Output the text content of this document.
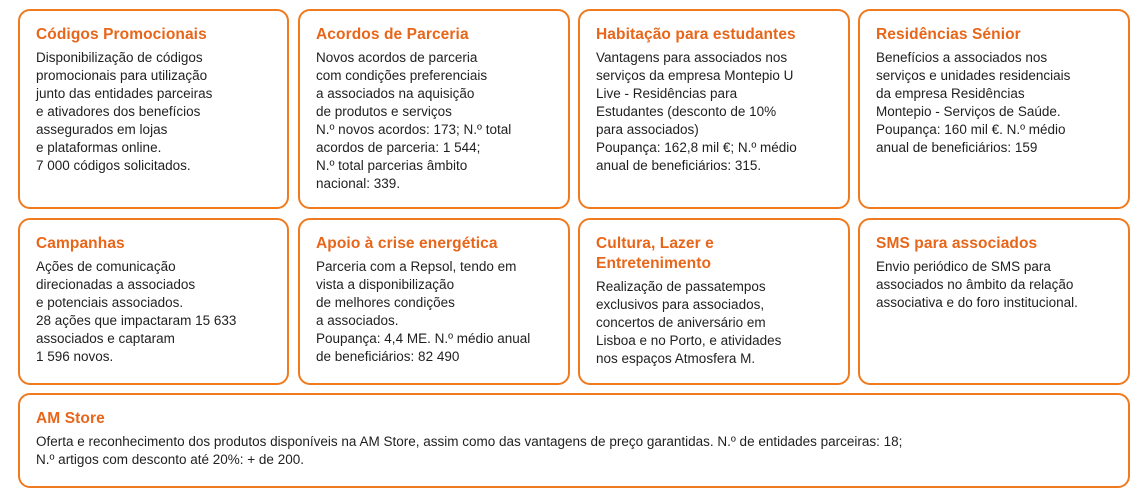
Códigos Promocionais

Disponibilização de códigos
promocionais para utilização
junto das entidades parceiras
e ativadores dos benefícios
assegurados em lojas
e plataformas online.
7 000 códigos solicitados.

Acordos de Parceria

Novos acordos de parceria
com condições preferenciais
a associados na aquisição
de produtos e serviços
N.º novos acordos: 173; N.º total
acordos de parceria: 1 544;
N.º total parcerias âmbito
nacional: 339.

Habitação para estudantes

Vantagens para associados nos
serviços da empresa Montepio U
Live - Residências para
Estudantes (desconto de 10%
para associados)
Poupança: 162,8 mil €; N.º médio
anual de beneficiários: 315.

Residências Sénior

Benefícios a associados nos
serviços e unidades residenciais
da empresa Residências
Montepio - Serviços de Saúde.
Poupança: 160 mil €. N.º médio
anual de beneficiários: 159

Campanhas

Ações de comunicação
direcionadas a associados
e potenciais associados.
28 ações que impactaram 15 633
associados e captaram
1 596 novos.

Apoio à crise energética

Parceria com a Repsol, tendo em
vista a disponibilização
de melhores condições
a associados.
Poupança: 4,4 ME. N.º médio anual
de beneficiários: 82 490

Cultura, Lazer e
Entretenimento

Realização de passatempos
exclusivos para associados,
concertos de aniversário em
Lisboa e no Porto, e atividades
nos espaços Atmosfera M.

SMS para associados

Envio periódico de SMS para
associados no âmbito da relação
associativa e do foro institucional.

AM Store

Oferta e reconhecimento dos produtos disponíveis na AM Store, assim como das vantagens de preço garantidas. N.º de entidades parceiras: 18;
N.º artigos com desconto até 20%: + de 200.
